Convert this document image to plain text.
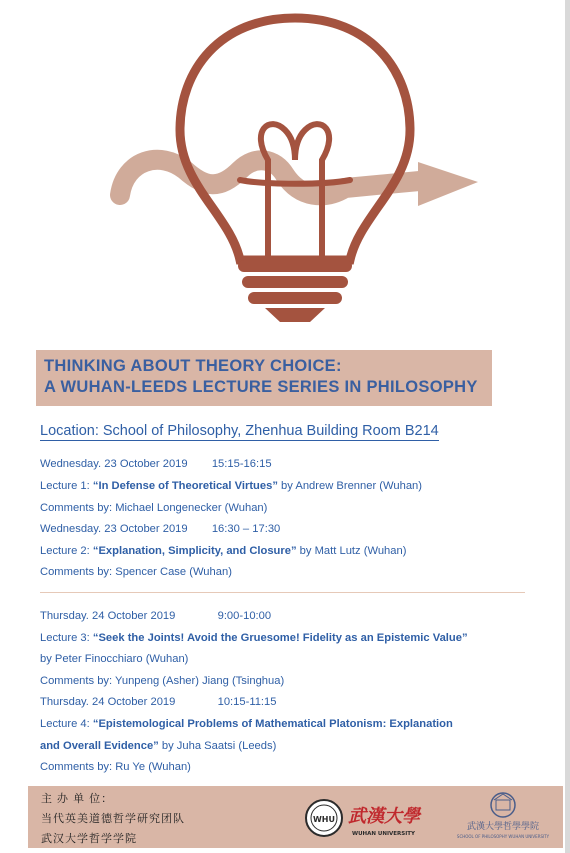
THINKING ABOUT THEORY CHOICE:
A WUHAN-LEEDS LECTURE SERIES IN PHILOSOPHY
Location: School of Philosophy, Zhenhua Building Room B214
Wednesday. 23 October 2019 15:15-16:15
Lecture 1: “In Defense of Theoretical Virtues” by Andrew Brenner (Wuhan)
Comments by: Michael Longenecker (Wuhan)
Wednesday. 23 October 2019 16:30 – 17:30
Lecture 2: “Explanation, Simplicity, and Closure” by Matt Lutz (Wuhan)
Comments by: Spencer Case (Wuhan)
Thursday. 24 October 2019	9:00-10:00
Lecture 3: “Seek the Joints! Avoid the Gruesome! Fidelity as an Epistemic Value”
by Peter Finocchiaro (Wuhan)
Comments by: Yunpeng (Asher) Jiang (Tsinghua)
Thursday. 24 October 2019	10:15-11:15
Lecture 4: “Epistemological Problems of Mathematical Platonism: Explanation
and Overall Evidence” by Juha Saatsi (Leeds)
Comments by: Ru Ye (Wuhan)
主 办 单 位：
当代英美道德哲学研究团队
武汉大学哲学学院
WHU 武漢大學
WUHAN UNIVERSITY
武漢大學哲學學院
SCHOOL OF PHILOSOPHY WUHAN UNIVERSITY
